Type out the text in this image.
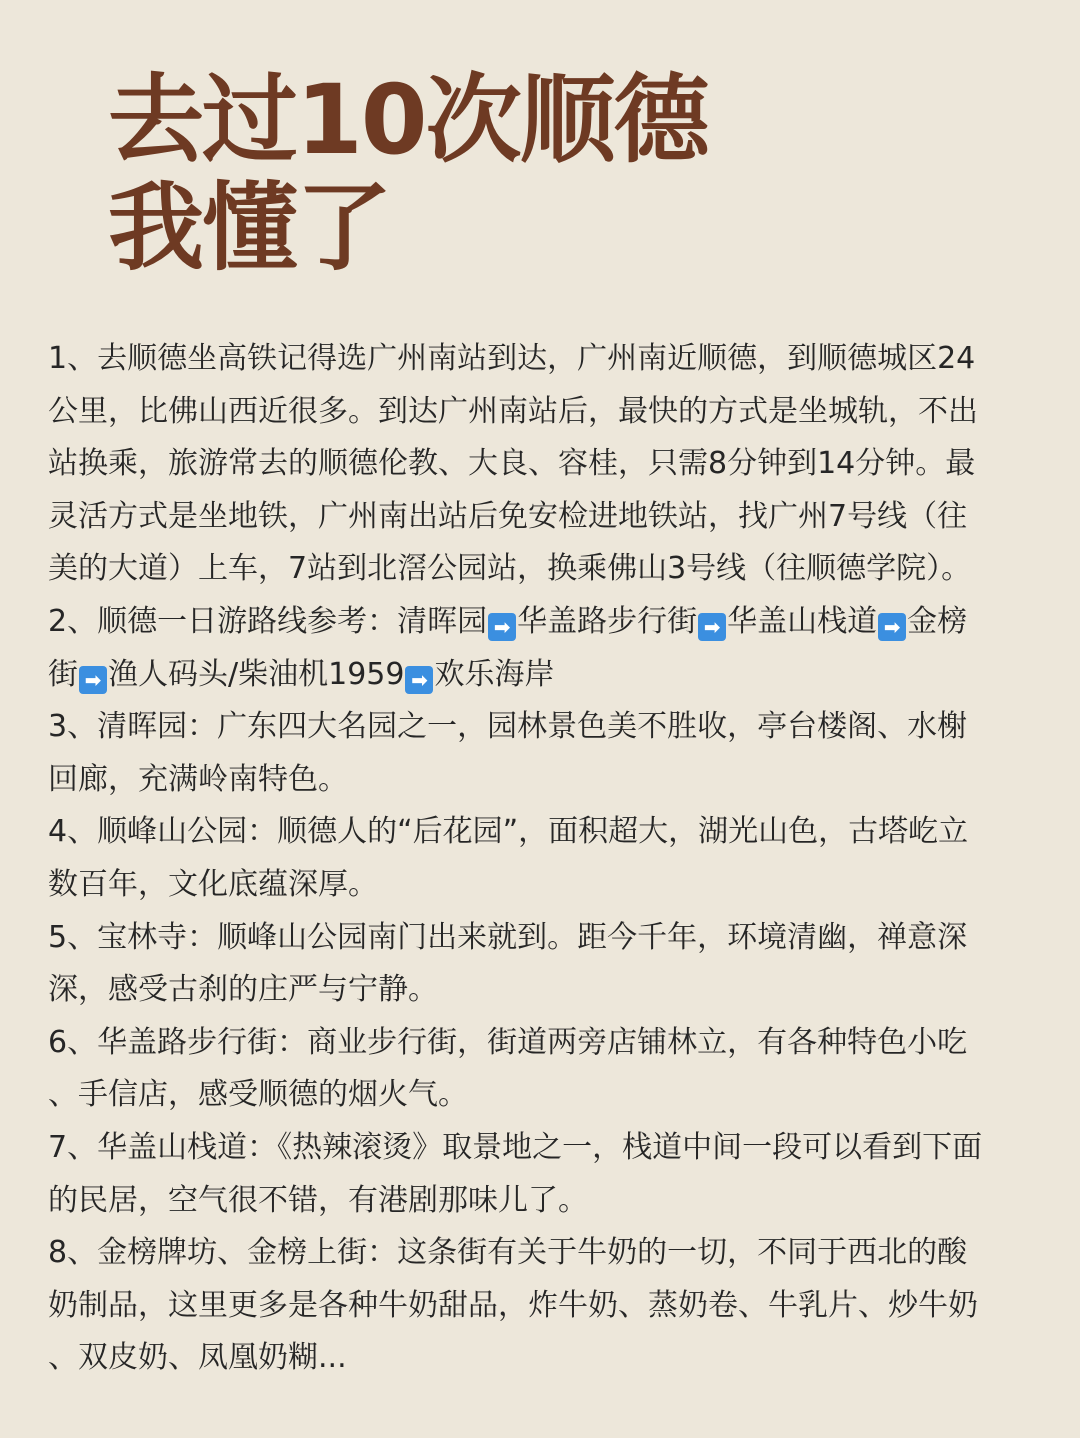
去过10次顺德
我懂了
1、去顺德坐高铁记得选广州南站到达，广州南近顺德，到顺德城区24
公里，比佛山西近很多。到达广州南站后，最快的方式是坐城轨，不出
站换乘，旅游常去的顺德伦教、大良、容桂，只需8分钟到14分钟。最
灵活方式是坐地铁，广州南出站后免安检进地铁站，找广州7号线（往
美的大道）上车，7站到北滘公园站，换乘佛山3号线（往顺德学院）。
2、顺德一日游路线参考：清晖园 ➡ 华盖路步行街 ➡ 华盖山栈道 ➡ 金榜
街 ➡ 渔人码头/柴油机1959 ➡ 欢乐海岸
3、清晖园：广东四大名园之一，园林景色美不胜收，亭台楼阁、水榭
回廊，充满岭南特色。
4、顺峰山公园：顺德人的“后花园”，面积超大，湖光山色，古塔屹立
数百年，文化底蕴深厚。
5、宝林寺：顺峰山公园南门出来就到。距今千年，环境清幽，禅意深
深，感受古刹的庄严与宁静。
6、华盖路步行街：商业步行街，街道两旁店铺林立，有各种特色小吃
、手信店，感受顺德的烟火气。
7、华盖山栈道：《热辣滚烫》取景地之一，栈道中间一段可以看到下面
的民居，空气很不错，有港剧那味儿了。
8、金榜牌坊、金榜上街：这条街有关于牛奶的一切，不同于西北的酸
奶制品，这里更多是各种牛奶甜品，炸牛奶、蒸奶卷、牛乳片、炒牛奶
、双皮奶、凤凰奶糊...
